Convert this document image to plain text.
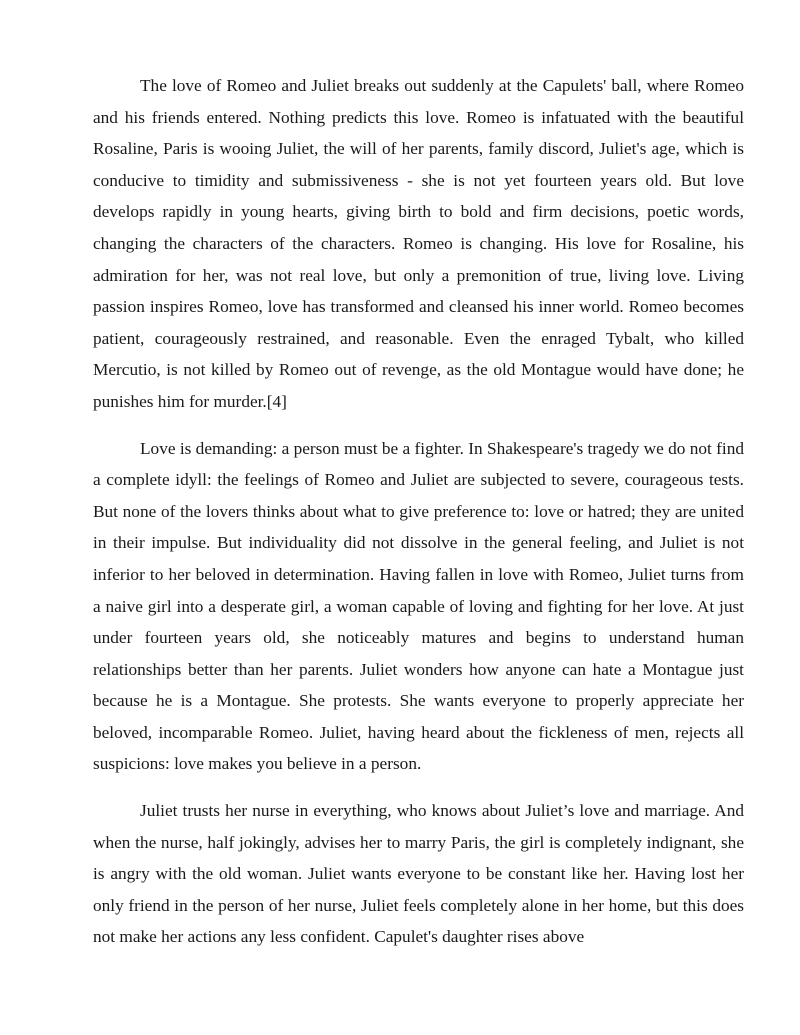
The love of Romeo and Juliet breaks out suddenly at the Capulets' ball, where Romeo and his friends entered. Nothing predicts this love. Romeo is infatuated with the beautiful Rosaline, Paris is wooing Juliet, the will of her parents, family discord, Juliet's age, which is conducive to timidity and submissiveness - she is not yet fourteen years old. But love develops rapidly in young hearts, giving birth to bold and firm decisions, poetic words, changing the characters of the characters. Romeo is changing. His love for Rosaline, his admiration for her, was not real love, but only a premonition of true, living love. Living passion inspires Romeo, love has transformed and cleansed his inner world. Romeo becomes patient, courageously restrained, and reasonable. Even the enraged Tybalt, who killed Mercutio, is not killed by Romeo out of revenge, as the old Montague would have done; he punishes him for murder.[4]

Love is demanding: a person must be a fighter. In Shakespeare's tragedy we do not find a complete idyll: the feelings of Romeo and Juliet are subjected to severe, courageous tests. But none of the lovers thinks about what to give preference to: love or hatred; they are united in their impulse. But individuality did not dissolve in the general feeling, and Juliet is not inferior to her beloved in determination. Having fallen in love with Romeo, Juliet turns from a naive girl into a desperate girl, a woman capable of loving and fighting for her love. At just under fourteen years old, she noticeably matures and begins to understand human relationships better than her parents. Juliet wonders how anyone can hate a Montague just because he is a Montague. She protests. She wants everyone to properly appreciate her beloved, incomparable Romeo. Juliet, having heard about the fickleness of men, rejects all suspicions: love makes you believe in a person.

Juliet trusts her nurse in everything, who knows about Juliet’s love and marriage. And when the nurse, half jokingly, advises her to marry Paris, the girl is completely indignant, she is angry with the old woman. Juliet wants everyone to be constant like her. Having lost her only friend in the person of her nurse, Juliet feels completely alone in her home, but this does not make her actions any less confident. Capulet's daughter rises above
